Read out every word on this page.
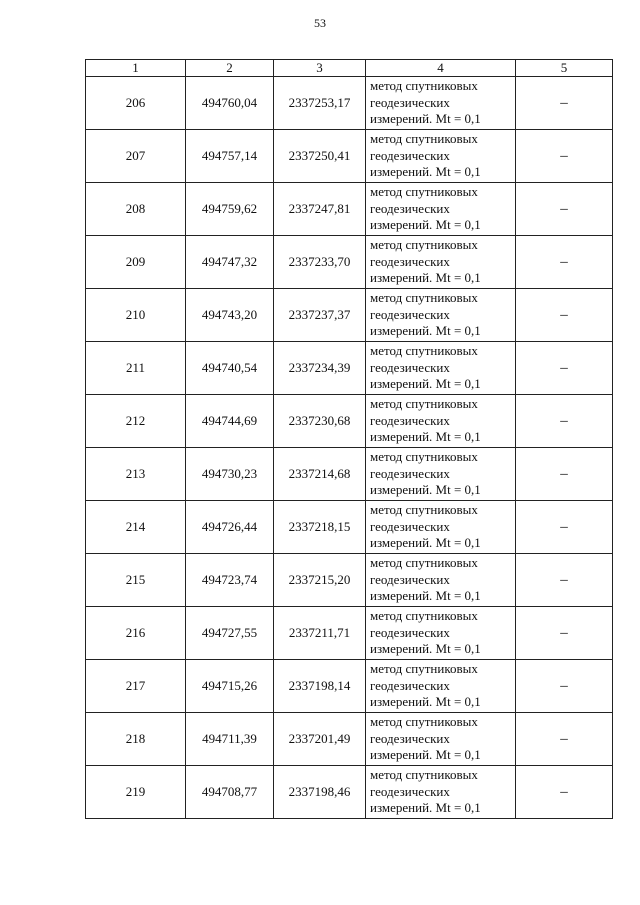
53
1	2	3	4	5
206	494760,04	2337253,17	метод спутниковых
геодезических
измерений. Mt = 0,1	–
207	494757,14	2337250,41	метод спутниковых
геодезических
измерений. Mt = 0,1	–
208	494759,62	2337247,81	метод спутниковых
геодезических
измерений. Mt = 0,1	–
209	494747,32	2337233,70	метод спутниковых
геодезических
измерений. Mt = 0,1	–
210	494743,20	2337237,37	метод спутниковых
геодезических
измерений. Mt = 0,1	–
211	494740,54	2337234,39	метод спутниковых
геодезических
измерений. Mt = 0,1	–
212	494744,69	2337230,68	метод спутниковых
геодезических
измерений. Mt = 0,1	–
213	494730,23	2337214,68	метод спутниковых
геодезических
измерений. Mt = 0,1	–
214	494726,44	2337218,15	метод спутниковых
геодезических
измерений. Mt = 0,1	–
215	494723,74	2337215,20	метод спутниковых
геодезических
измерений. Mt = 0,1	–
216	494727,55	2337211,71	метод спутниковых
геодезических
измерений. Mt = 0,1	–
217	494715,26	2337198,14	метод спутниковых
геодезических
измерений. Mt = 0,1	–
218	494711,39	2337201,49	метод спутниковых
геодезических
измерений. Mt = 0,1	–
219	494708,77	2337198,46	метод спутниковых
геодезических
измерений. Mt = 0,1	–
